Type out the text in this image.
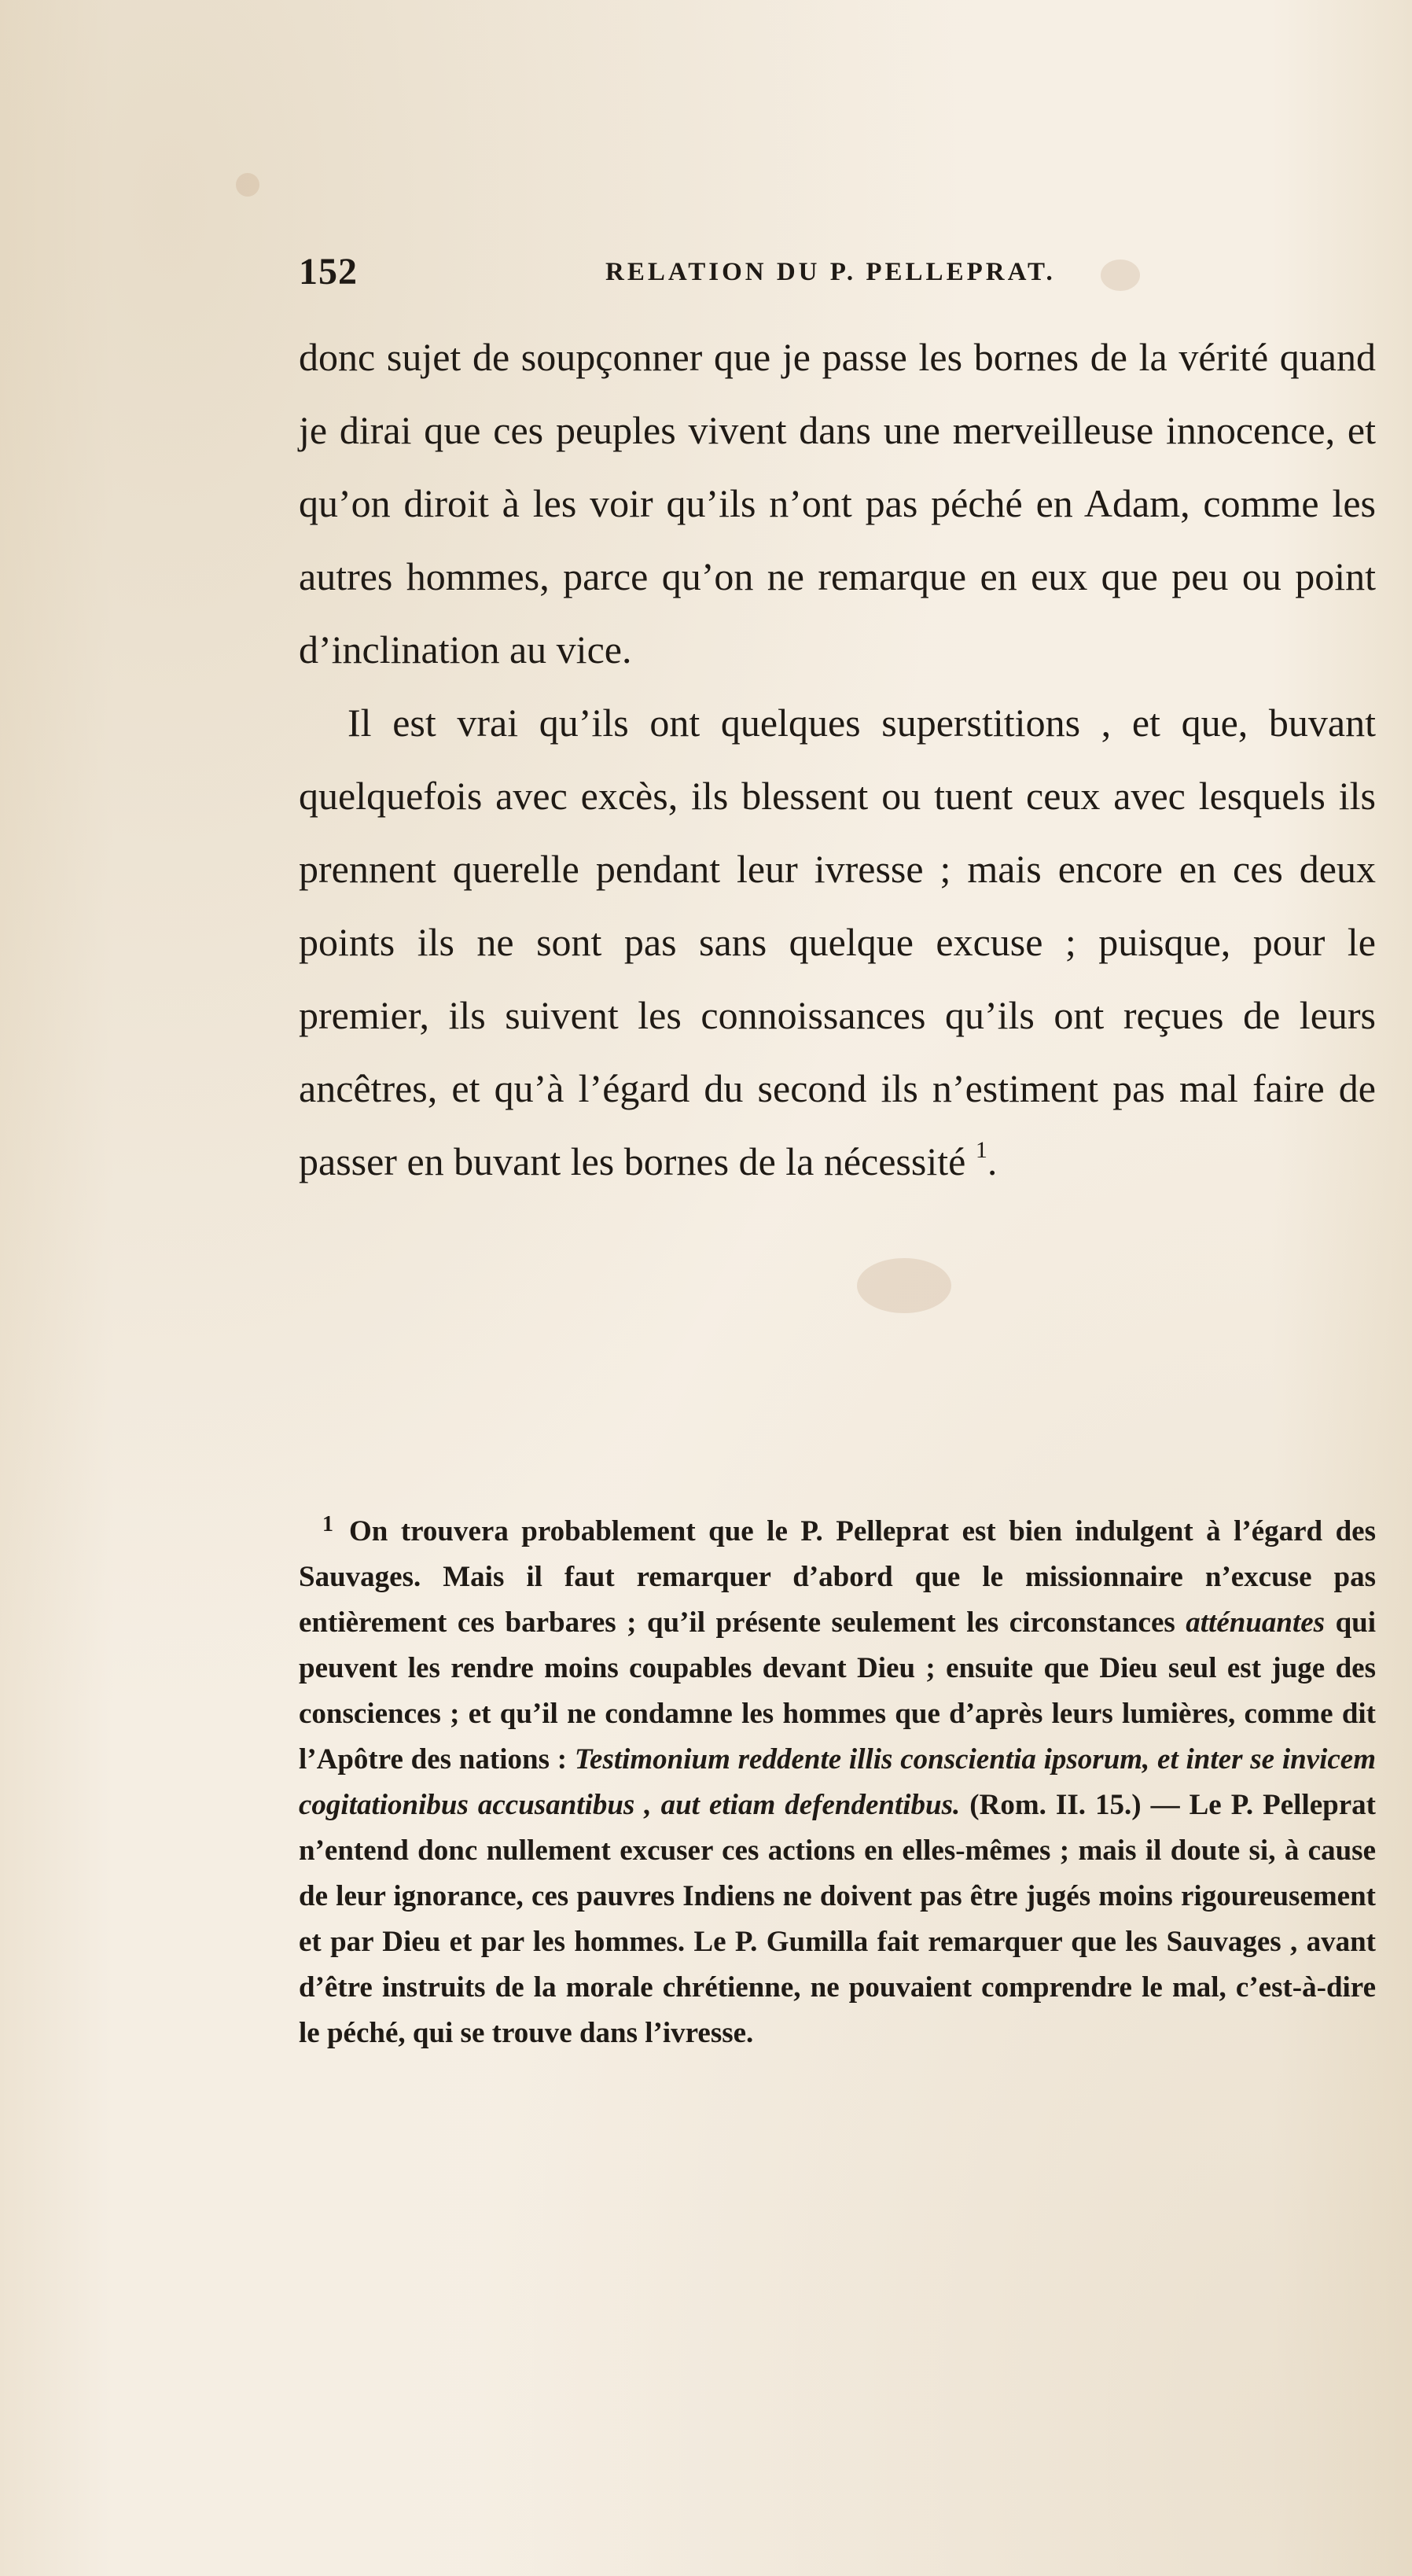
152	RELATION DU P. PELLEPRAT.

donc sujet de soupçonner que je passe les bornes de la vérité quand je dirai que ces peuples vivent dans une merveilleuse innocence, et qu’on diroit à les voir qu’ils n’ont pas péché en Adam, comme les autres hommes, parce qu’on ne remarque en eux que peu ou point d’inclination au vice.

Il est vrai qu’ils ont quelques superstitions , et que, buvant quelquefois avec excès, ils blessent ou tuent ceux avec lesquels ils prennent querelle pendant leur ivresse ; mais encore en ces deux points ils ne sont pas sans quelque excuse ; puisque, pour le premier, ils suivent les connoissances qu’ils ont reçues de leurs ancêtres, et qu’à l’égard du second ils n’estiment pas mal faire de passer en buvant les bornes de la nécessité $^1$.

1 On trouvera probablement que le P. Pelleprat est bien indulgent à l’égard des Sauvages. Mais il faut remarquer d’abord que le missionnaire n’excuse pas entièrement ces barbares ; qu’il présente seulement les circonstances atténuantes qui peuvent les rendre moins coupables devant Dieu ; ensuite que Dieu seul est juge des consciences ; et qu’il ne condamne les hommes que d’après leurs lumières, comme dit l’Apôtre des nations : Testimonium reddente illis conscientia ipsorum, et inter se invicem cogitationibus accusantibus , aut etiam defendentibus. (Rom. II. 15.) — Le P. Pelleprat n’entend donc nullement excuser ces actions en elles-mêmes ; mais il doute si, à cause de leur ignorance, ces pauvres Indiens ne doivent pas être jugés moins rigoureusement et par Dieu et par les hommes. Le P. Gumilla fait remarquer que les Sauvages , avant d’être instruits de la morale chrétienne, ne pouvaient comprendre le mal, c’est-à-dire le péché, qui se trouve dans l’ivresse.
